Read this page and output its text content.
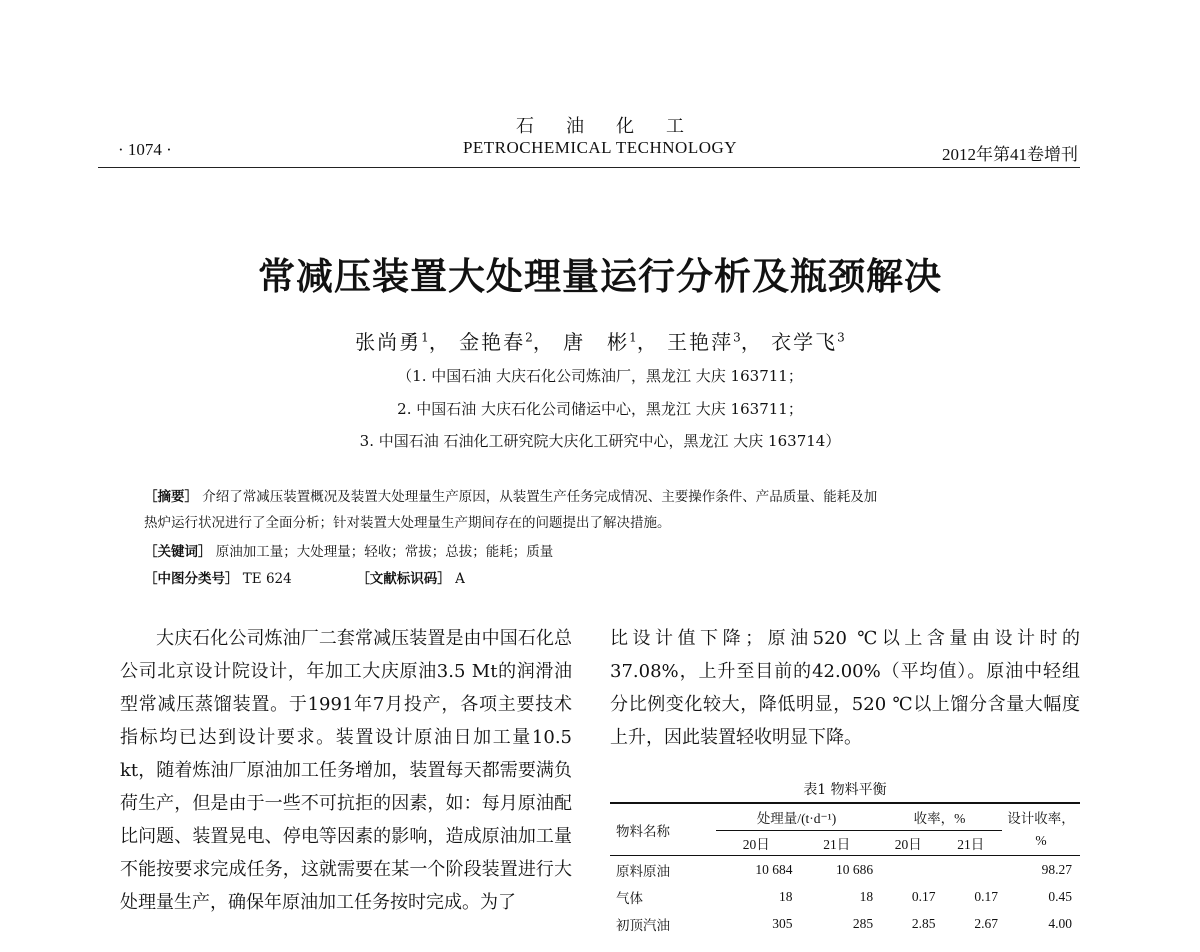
· 1074 ·
石油化工
PETROCHEMICAL TECHNOLOGY	2012年第41卷增刊
常减压装置大处理量运行分析及瓶颈解决
张尚勇$^1$， 金艳春$^2$， 唐　彬$^1$， 王艳萍$^3$， 衣学飞$^3$
（1. 中国石油 大庆石化公司炼油厂，黑龙江 大庆 163711；
2. 中国石油 大庆石化公司储运中心，黑龙江 大庆 163711；
3. 中国石油 石油化工研究院大庆化工研究中心，黑龙江 大庆 163714）
［摘要］ 介绍了常减压装置概况及装置大处理量生产原因，从装置生产任务完成情况、主要操作条件、产品质量、能耗及加
热炉运行状况进行了全面分析；针对装置大处理量生产期间存在的问题提出了解决措施。
［关键词］ 原油加工量；大处理量；轻收；常拔；总拔；能耗；质量
［中图分类号］ TE 624	［文献标识码］ A
大庆石化公司炼油厂二套常减压装置是由中国石化总公司北京设计院设计，年加工大庆原油3.5 Mt的润滑油型常减压蒸馏装置。于1991年7月投产，各项主要技术指标均已达到设计要求。装置设计原油日加工量10.5 kt，随着炼油厂原油加工任务增加，装置每天都需要满负荷生产，但是由于一些不可抗拒的因素，如：每月原油配比问题、装置晃电、停电等因素的影响，造成原油加工量不能按要求完成任务，这就需要在某一个阶段装置进行大处理量生产，确保年原油加工任务按时完成。为了
比设计值下降；原油520 ℃以上含量由设计时的37.08%，上升至目前的42.00%（平均值）。原油中轻组分比例变化较大，降低明显，520 ℃以上馏分含量大幅度上升，因此装置轻收明显下降。
表1 物料平衡
物料名称	处理量/(t·d⁻¹)		收率，%		设计收率，%
	20日	21日	20日	21日	
原料原油	10 684	10 686			98.27
气体	18	18	0.17	0.17	0.45
初顶汽油	305	285	2.85	2.67	4.00
